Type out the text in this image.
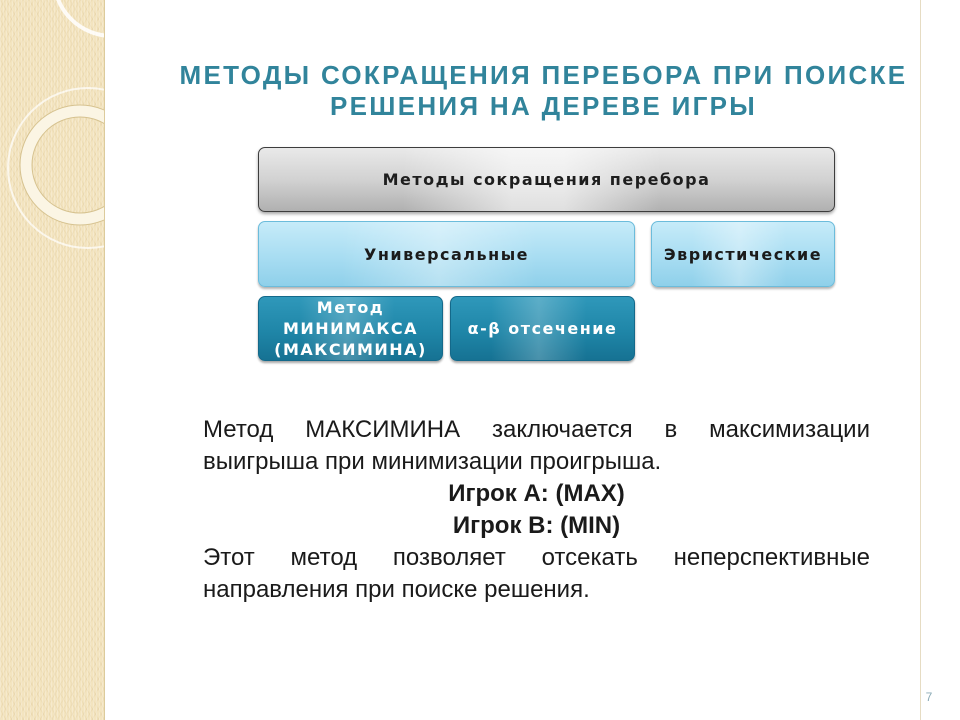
МЕТОДЫ СОКРАЩЕНИЯ ПЕРЕБОРА ПРИ ПОИСКЕ
РЕШЕНИЯ НА ДЕРЕВЕ ИГРЫ
Методы сокращения перебора
Универсальные	Эвристические
Метод
МИНИМАКСА
(МАКСИМИНА)
α-β отсечение
Метод МАКСИМИНА заключается в максимизации
выигрыша при минимизации проигрыша.
Игрок A: (MAX)
Игрок B: (MIN)
Этот метод позволяет отсекать неперспективные
направления при поиске решения.
7
